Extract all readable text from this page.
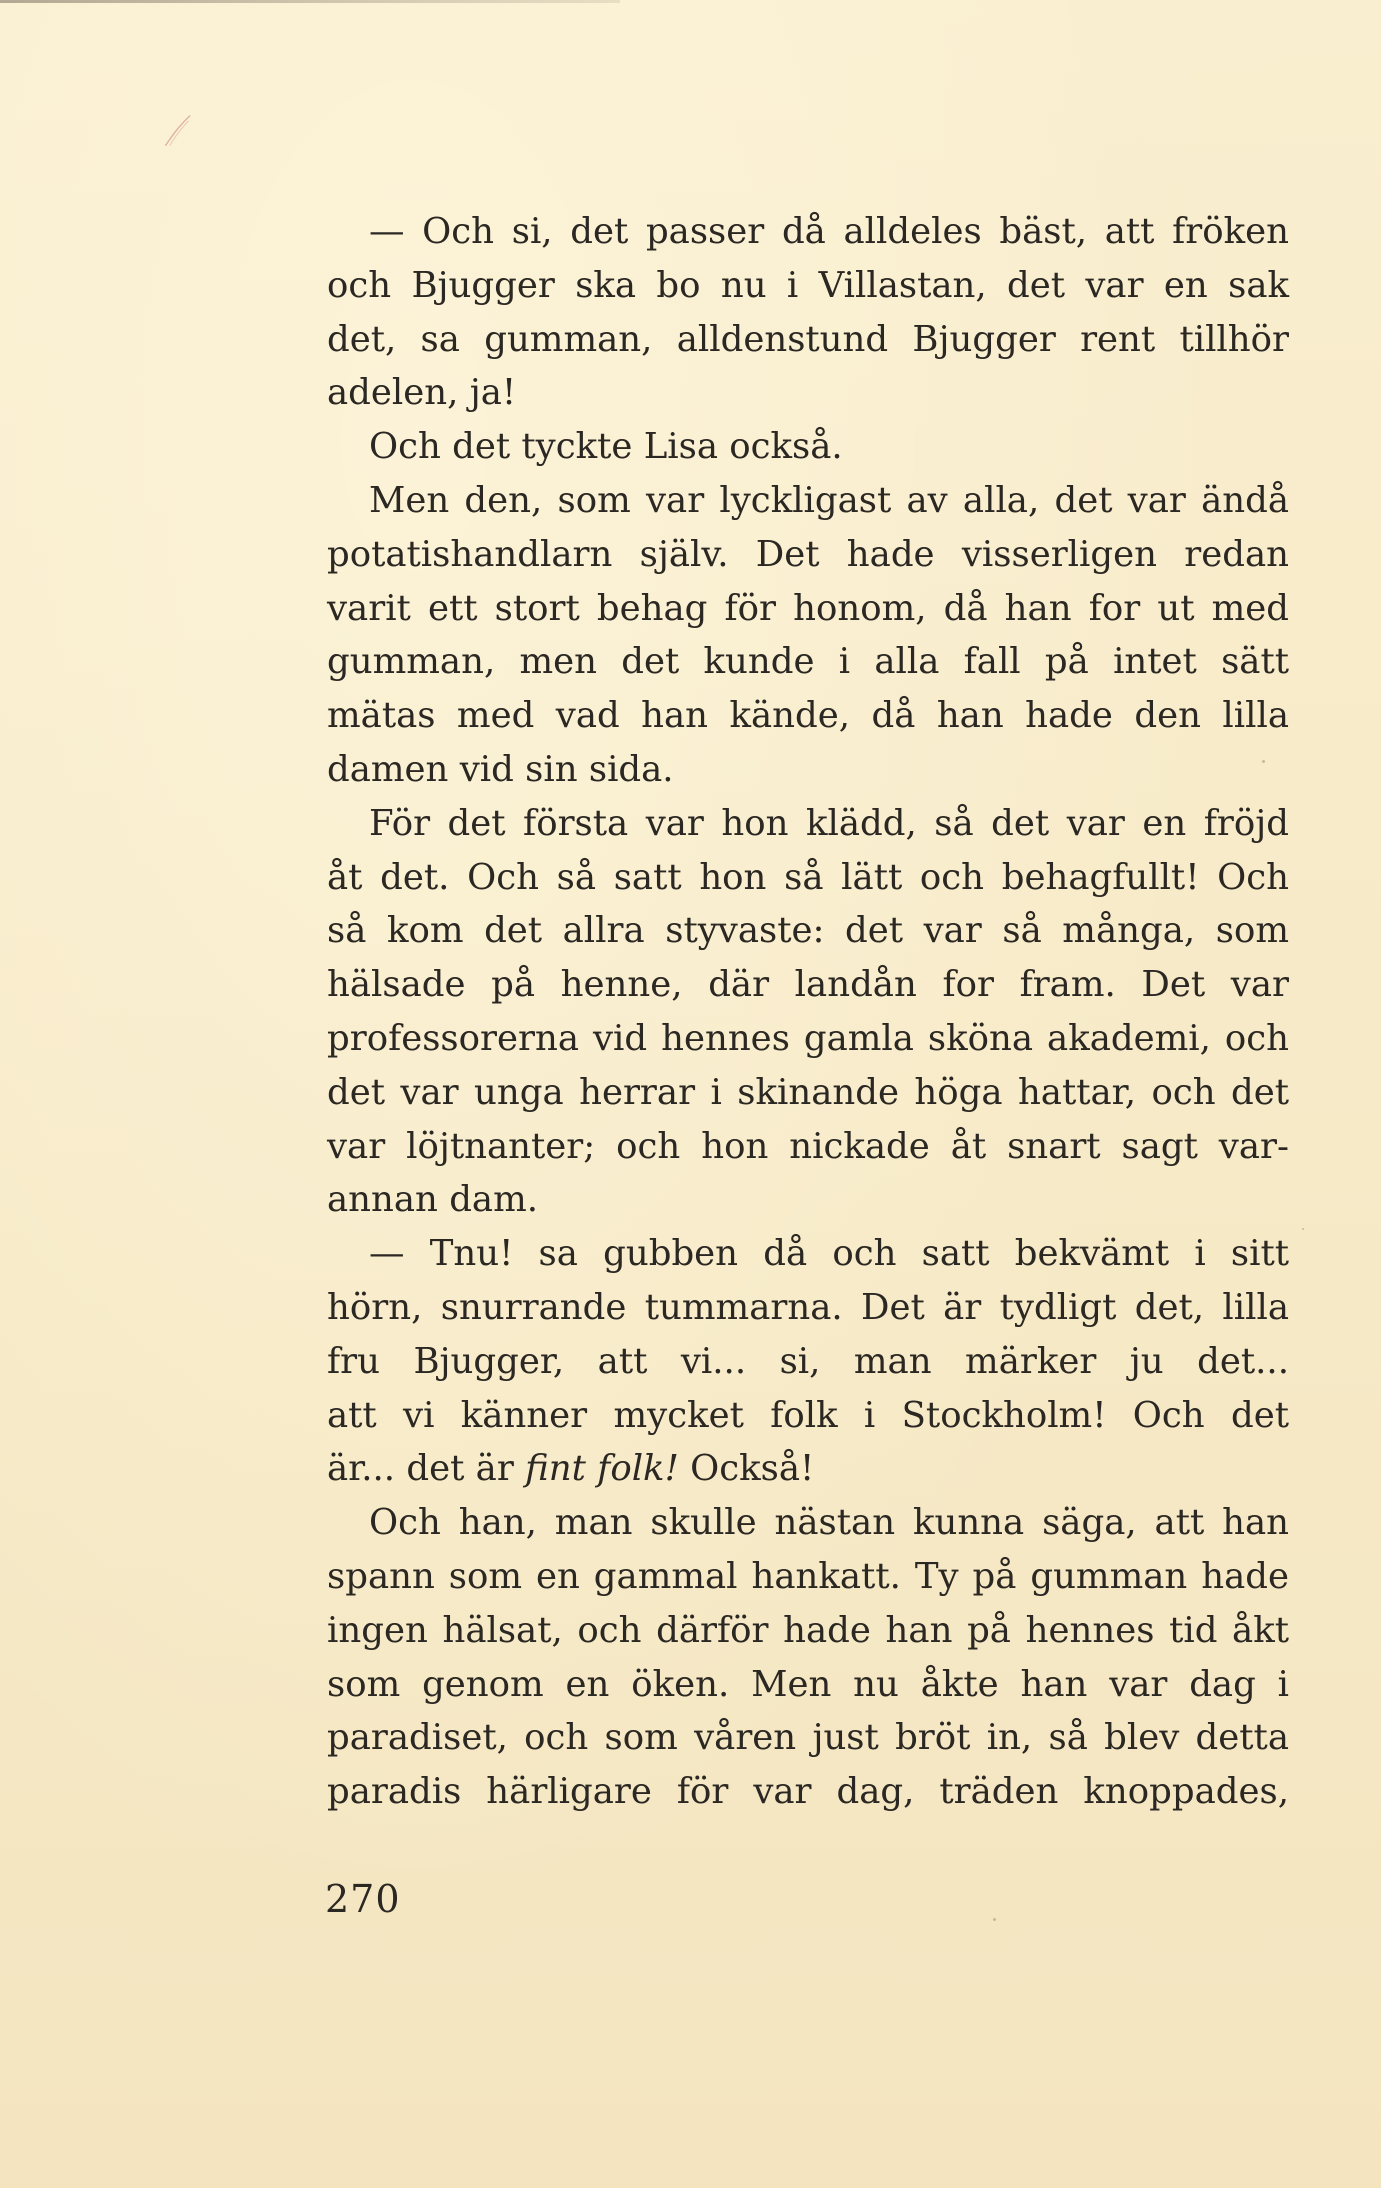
— Och si, det passer då alldeles bäst, att fröken
och Bjugger ska bo nu i Villastan, det var en sak
det, sa gumman, alldenstund Bjugger rent tillhör
adelen, ja!
Och det tyckte Lisa också.
Men den, som var lyckligast av alla, det var ändå
potatishandlarn själv. Det hade visserligen redan
varit ett stort behag för honom, då han for ut med
gumman, men det kunde i alla fall på intet sätt
mätas med vad han kände, då han hade den lilla
damen vid sin sida.
För det första var hon klädd, så det var en fröjd
åt det. Och så satt hon så lätt och behagfullt! Och
så kom det allra styvaste: det var så många, som
hälsade på henne, där landån for fram. Det var
professorerna vid hennes gamla sköna akademi, och
det var unga herrar i skinande höga hattar, och det
var löjtnanter; och hon nickade åt snart sagt var-
annan dam.
— Tnu! sa gubben då och satt bekvämt i sitt
hörn, snurrande tummarna. Det är tydligt det, lilla
fru Bjugger, att vi... si, man märker ju det...
att vi känner mycket folk i Stockholm! Och det
är... det är fint folk! Också!
Och han, man skulle nästan kunna säga, att han
spann som en gammal hankatt. Ty på gumman hade
ingen hälsat, och därför hade han på hennes tid åkt
som genom en öken. Men nu åkte han var dag i
paradiset, och som våren just bröt in, så blev detta
paradis härligare för var dag, träden knoppades,
270
